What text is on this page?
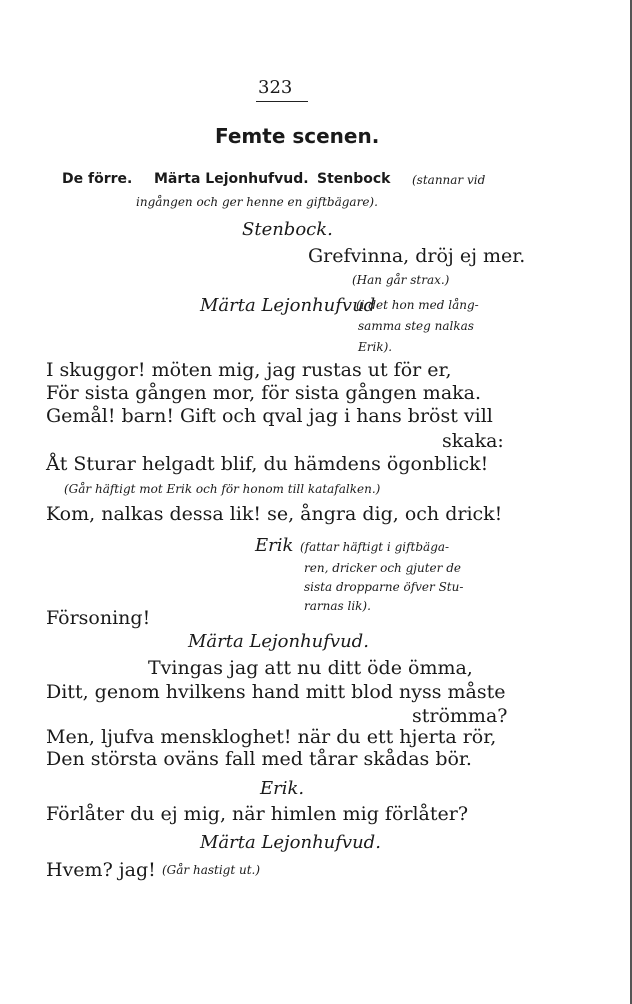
323
Femte scenen.
De förre. Märta Lejonhufvud. Stenbock (stannar vid
ingången och ger henne en giftbägare).
Stenbock.
Grefvinna, dröj ej mer.
(Han går strax.)
Märta Lejonhufvud
(i det hon med lång-
samma steg nalkas
Erik).
I skuggor! möten mig, jag rustas ut för er,
För sista gången mor, för sista gången maka.
Gemål! barn! Gift och qval jag i hans bröst vill
skaka:
Åt Sturar helgadt blif, du hämdens ögonblick!
(Går häftigt mot Erik och för honom till katafalken.)
Kom, nalkas dessa lik! se, ångra dig, och drick!
Erik (fattar häftigt i giftbäga-
ren, dricker och gjuter de
sista dropparne öfver Stu-
rarnas lik).
Försoning!
Märta Lejonhufvud.
Tvingas jag att nu ditt öde ömma,
Ditt, genom hvilkens hand mitt blod nyss måste
strömma?
Men, ljufva menskloghet! när du ett hjerta rör,
Den största oväns fall med tårar skådas bör.
Erik.
Förlåter du ej mig, när himlen mig förlåter?
Märta Lejonhufvud.
Hvem? jag! (Går hastigt ut.)
